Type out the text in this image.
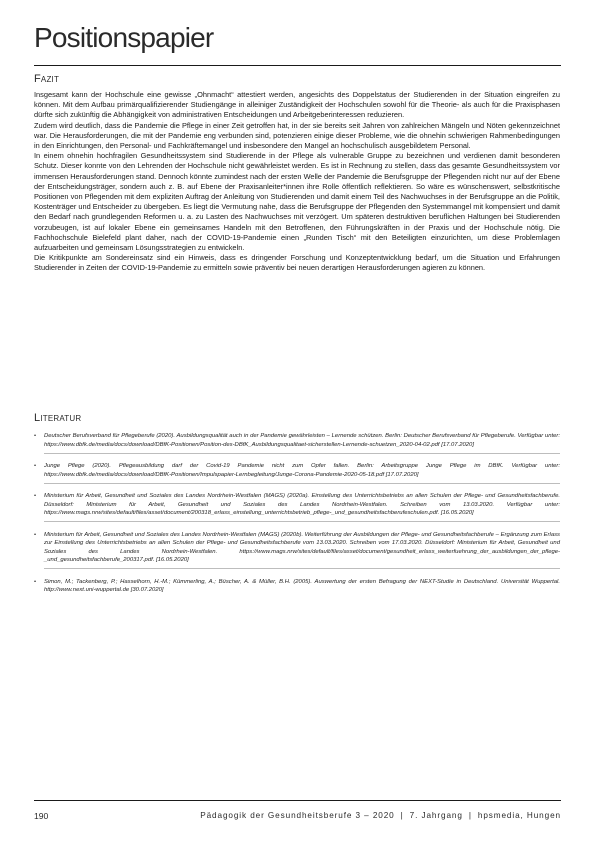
Positionspapier
Fazit

Insgesamt kann der Hochschule eine gewisse „Ohnmacht“ attestiert werden, angesichts des Doppelstatus der Studierenden in der Situation eingreifen zu können. Mit dem Aufbau primärqualifizierender Studiengänge in alleiniger Zuständigkeit der Hochschulen sowohl für die Theorie- als auch für die Praxisphasen dürfte sich zukünftig die Abhängigkeit von administrativen Entscheidungen und Arbeitgeberinteressen reduzieren.

Zudem wird deutlich, dass die Pandemie die Pflege in einer Zeit getroffen hat, in der sie bereits seit Jahren von zahlreichen Mängeln und Nöten gekennzeichnet war. Die Herausforderungen, die mit der Pandemie eng verbunden sind, potenzieren einige dieser Probleme, wie die ohnehin schwierigen Rahmenbedingungen in den Einrichtungen, den Personal- und Fachkräftemangel und insbesondere den Mangel an hochschulisch ausgebildetem Personal.

In einem ohnehin hochfragilen Gesundheitssystem sind Studierende in der Pflege als vulnerable Gruppe zu bezeichnen und verdienen damit besonderen Schutz. Dieser konnte von den Lehrenden der Hochschule nicht gewährleistet werden. Es ist in Rechnung zu stellen, dass das gesamte Gesundheitssystem vor immensen Herausforderungen stand. Dennoch könnte zumindest nach der ersten Welle der Pandemie die Berufsgruppe der Pflegenden nicht nur auf der Ebene der Entscheidungsträger, sondern auch z. B. auf Ebene der Praxisanleiter*innen ihre Rolle öffentlich reflektieren. So wäre es wünschenswert, selbstkritische Positionen von Pflegenden mit dem expliziten Auftrag der Anleitung von Studierenden und damit einem Teil des Nachwuchses in der Berufsgruppe an die Politik, Kostenträger und Entscheider zu übergeben. Es liegt die Vermutung nahe, dass die Berufsgruppe der Pflegenden den Systemmangel mit kompensiert und damit den Bedarf nach grundlegenden Reformen u. a. zu Lasten des Nachwuchses mit verzögert. Um späteren destruktiven beruflichen Haltungen bei Studierenden vorzubeugen, ist auf lokaler Ebene ein gemeinsames Handeln mit den Betroffenen, den Führungskräften in der Praxis und der Hochschule nötig. Die Fachhochschule Bielefeld plant daher, nach der COVID-19-Pandemie einen „Runden Tisch“ mit den Beteiligten einzurichten, um diese Problemlagen aufzuarbeiten und gemeinsam Lösungsstrategien zu entwickeln.

Die Kritikpunkte am Sondereinsatz sind ein Hinweis, dass es dringender Forschung und Konzeptentwicklung bedarf, um die Situation und Erfahrungen Studierender in Zeiten der COVID-19-Pandemie zu ermitteln sowie präventiv bei neuen derartigen Herausforderungen agieren zu können.

Literatur
• Deutscher Berufsverband für Pflegeberufe (2020). Ausbildungsqualität auch in der Pandemie gewährleisten – Lernende schützen. Berlin: Deutscher Berufsverband für Pflegeberufe. Verfügbar unter: https://www.dbfk.de/media/docs/download/DBfK-Positionen/Position-des-DBfK_Ausbildungsqualitaet-sicherstellen-Lernende-schuetzen_2020-04-02.pdf [17.07.2020]
• Junge Pflege (2020). Pflegeausbildung darf der Covid-19 Pandemie nicht zum Opfer fallen. Berlin: Arbeitsgruppe Junge Pflege im DBfK. Verfügbar unter: https://www.dbfk.de/media/docs/download/DBfK-Positionen/Impulspapier-Lernbegleitung/Junge-Corona-Pandemie-2020-05-18.pdf [17.07.2020]
• Ministerium für Arbeit, Gesundheit und Soziales des Landes Nordrhein-Westfalen (MAGS) (2020a). Einstellung des Unterrichtsbetriebs an allen Schulen der Pflege- und Gesundheitsfachberufe. Düsseldorf: Ministerium für Arbeit, Gesundheit und Soziales des Landes Nordrhein-Westfalen. Schreiben vom 13.03.2020. Verfügbar unter: https://www.mags.nrw/sites/default/files/asset/document/200318_erlass_einstellung_unterrichtsbetrieb_pflege-_und_gesundheitsfachberufeschulen.pdf. [16.05.2020]
• Ministerium für Arbeit, Gesundheit und Soziales des Landes Nordrhein-Westfalen (MAGS) (2020b). Weiterführung der Ausbildungen der Pflege- und Gesundheitsfachberufe – Ergänzung zum Erlass zur Einstellung des Unterrichtsbetriebs an allen Schulen der Pflege- und Gesundheitsfachberufe vom 13.03.2020. Schreiben vom 17.03.2020. Düsseldorf: Ministerium für Arbeit, Gesundheit und Soziales des Landes Nordrhein-Westfalen. https://www.mags.nrw/sites/default/files/asset/document/gesundheit_erlass_weiterfuehrung_der_ausbildungen_der_pflege-_und_gesundheitsfachberufe_200317.pdf. [16.05.2020]
• Simon, M.; Tackenberg, P.; Hasselhorn, H.-M.; Kümmerling, A.; Büscher, A. & Müller, B.H. (2005). Auswertung der ersten Befragung der NEXT-Studie in Deutschland. Universität Wuppertal. http://www.next.uni-wuppertal.de [30.07.2020]
190	Pädagogik der Gesundheitsberufe 3 – 2020 | 7. Jahrgang | hpsmedia, Hungen
